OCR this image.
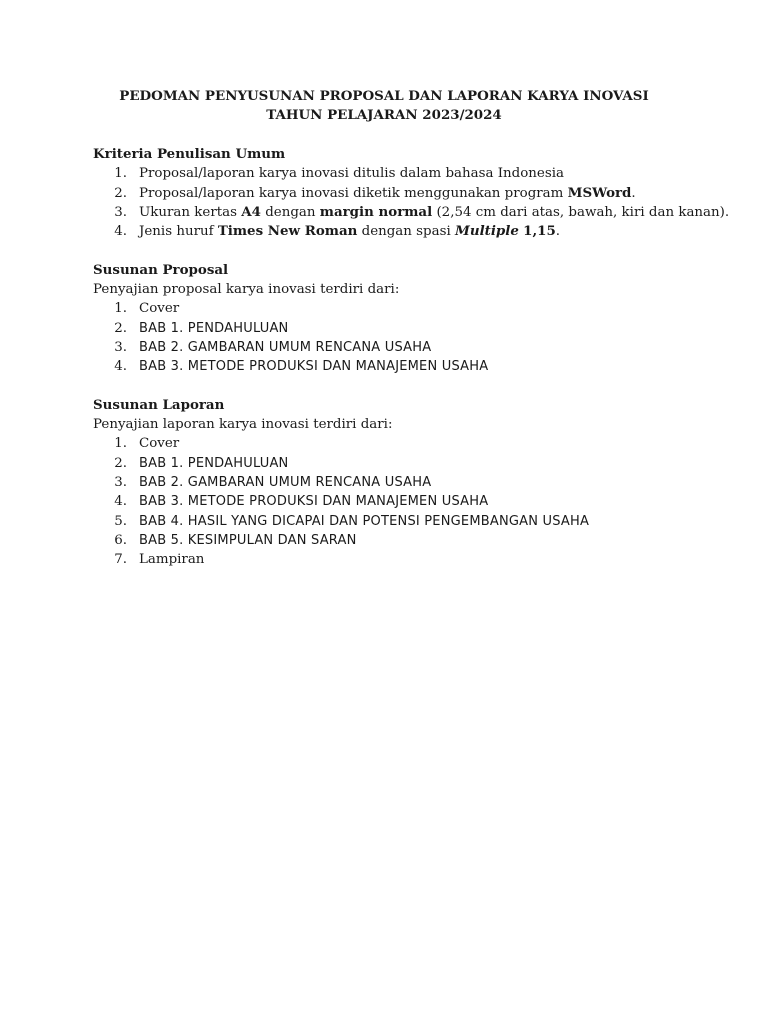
PEDOMAN PENYUSUNAN PROPOSAL DAN LAPORAN KARYA INOVASI
TAHUN PELAJARAN 2023/2024

Kriteria Penulisan Umum

1. Proposal/laporan karya inovasi ditulis dalam bahasa Indonesia
2. Proposal/laporan karya inovasi diketik menggunakan program MSWord.
3. Ukuran kertas A4 dengan margin normal (2,54 cm dari atas, bawah, kiri dan kanan).
4. Jenis huruf Times New Roman dengan spasi Multiple 1,15.

Susunan Proposal

Penyajian proposal karya inovasi terdiri dari:

1. Cover
2. BAB 1. PENDAHULUAN
3. BAB 2. GAMBARAN UMUM RENCANA USAHA
4. BAB 3. METODE PRODUKSI DAN MANAJEMEN USAHA

Susunan Laporan

Penyajian laporan karya inovasi terdiri dari:

1. Cover
2. BAB 1. PENDAHULUAN
3. BAB 2. GAMBARAN UMUM RENCANA USAHA
4. BAB 3. METODE PRODUKSI DAN MANAJEMEN USAHA
5. BAB 4. HASIL YANG DICAPAI DAN POTENSI PENGEMBANGAN USAHA
6. BAB 5. KESIMPULAN DAN SARAN
7. Lampiran
